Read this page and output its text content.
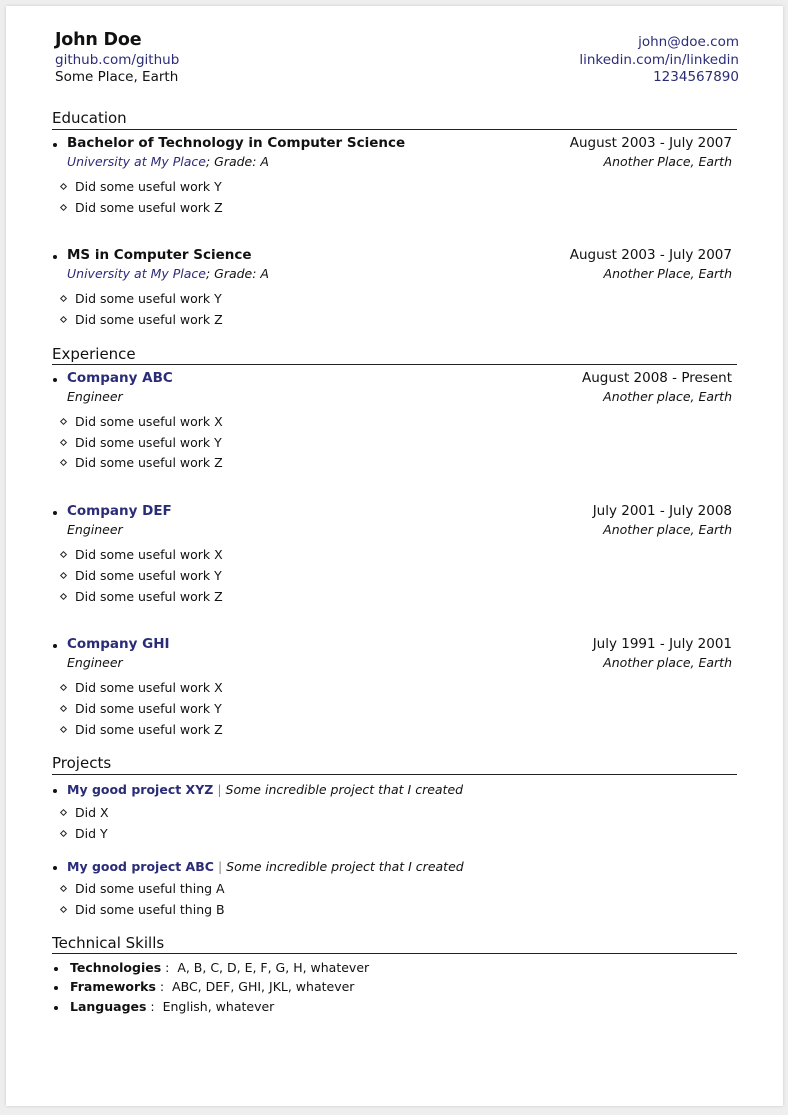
John Doe
github.com/github
Some Place, Earth
john@doe.com
linkedin.com/in/linkedin
1234567890
Education
Bachelor of Technology in Computer Science	August 2003 - July 2007
University at My Place; Grade: A	Another Place, Earth
Did some useful work Y
Did some useful work Z
MS in Computer Science	August 2003 - July 2007
University at My Place; Grade: A	Another Place, Earth
Did some useful work Y
Did some useful work Z
Experience
Company ABC	August 2008 - Present
Engineer	Another place, Earth
Did some useful work X
Did some useful work Y
Did some useful work Z
Company DEF	July 2001 - July 2008
Engineer	Another place, Earth
Did some useful work X
Did some useful work Y
Did some useful work Z
Company GHI	July 1991 - July 2001
Engineer	Another place, Earth
Did some useful work X
Did some useful work Y
Did some useful work Z
Projects
My good project XYZ | Some incredible project that I created
Did X
Did Y
My good project ABC | Some incredible project that I created
Did some useful thing A
Did some useful thing B
Technical Skills
Technologies :  A, B, C, D, E, F, G, H, whatever
Frameworks :  ABC, DEF, GHI, JKL, whatever
Languages :  English, whatever
